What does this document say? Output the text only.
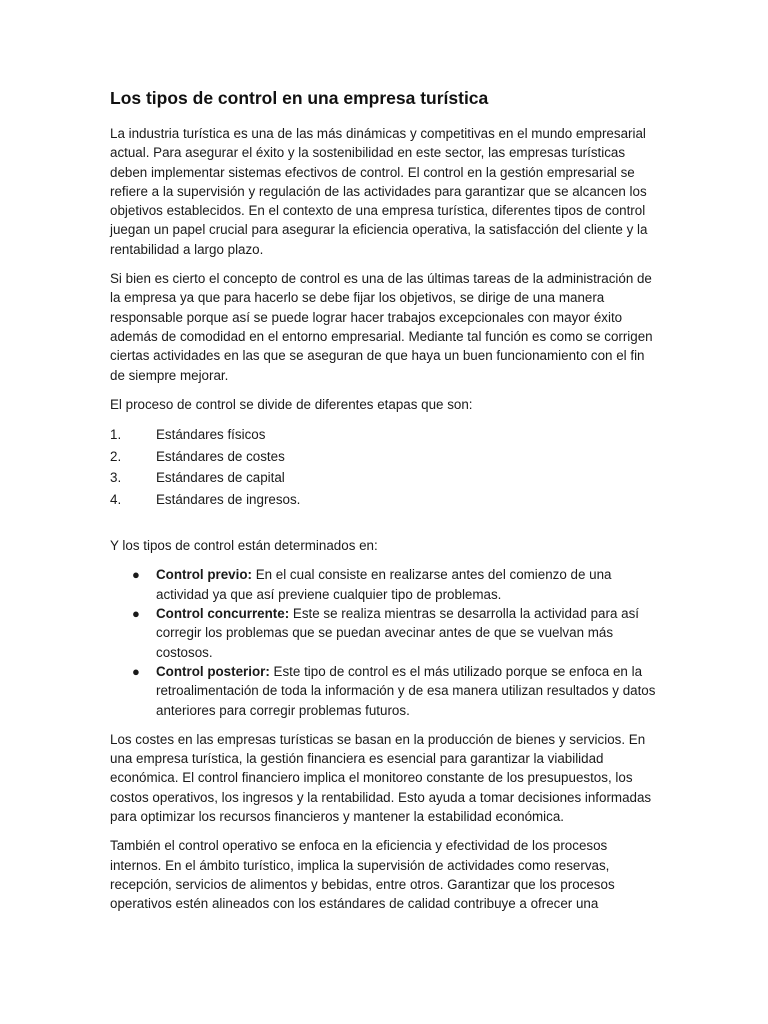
Los tipos de control en una empresa turística

La industria turística es una de las más dinámicas y competitivas en el mundo empresarial actual. Para asegurar el éxito y la sostenibilidad en este sector, las empresas turísticas deben implementar sistemas efectivos de control. El control en la gestión empresarial se refiere a la supervisión y regulación de las actividades para garantizar que se alcancen los objetivos establecidos. En el contexto de una empresa turística, diferentes tipos de control juegan un papel crucial para asegurar la eficiencia operativa, la satisfacción del cliente y la rentabilidad a largo plazo.

Si bien es cierto el concepto de control es una de las últimas tareas de la administración de la empresa ya que para hacerlo se debe fijar los objetivos, se dirige de una manera responsable porque así se puede lograr hacer trabajos excepcionales con mayor éxito además de comodidad en el entorno empresarial. Mediante tal función es como se corrigen ciertas actividades en las que se aseguran de que haya un buen funcionamiento con el fin de siempre mejorar.

El proceso de control se divide de diferentes etapas que son:

1.	Estándares físicos
2.	Estándares de costes
3.	Estándares de capital
4.	Estándares de ingresos.

Y los tipos de control están determinados en:

● Control previo: En el cual consiste en realizarse antes del comienzo de una actividad ya que así previene cualquier tipo de problemas.
● Control concurrente: Este se realiza mientras se desarrolla la actividad para así corregir los problemas que se puedan avecinar antes de que se vuelvan más costosos.
● Control posterior: Este tipo de control es el más utilizado porque se enfoca en la retroalimentación de toda la información y de esa manera utilizan resultados y datos anteriores para corregir problemas futuros.

Los costes en las empresas turísticas se basan en la producción de bienes y servicios. En una empresa turística, la gestión financiera es esencial para garantizar la viabilidad económica. El control financiero implica el monitoreo constante de los presupuestos, los costos operativos, los ingresos y la rentabilidad. Esto ayuda a tomar decisiones informadas para optimizar los recursos financieros y mantener la estabilidad económica.

También el control operativo se enfoca en la eficiencia y efectividad de los procesos internos. En el ámbito turístico, implica la supervisión de actividades como reservas, recepción, servicios de alimentos y bebidas, entre otros. Garantizar que los procesos operativos estén alineados con los estándares de calidad contribuye a ofrecer una
